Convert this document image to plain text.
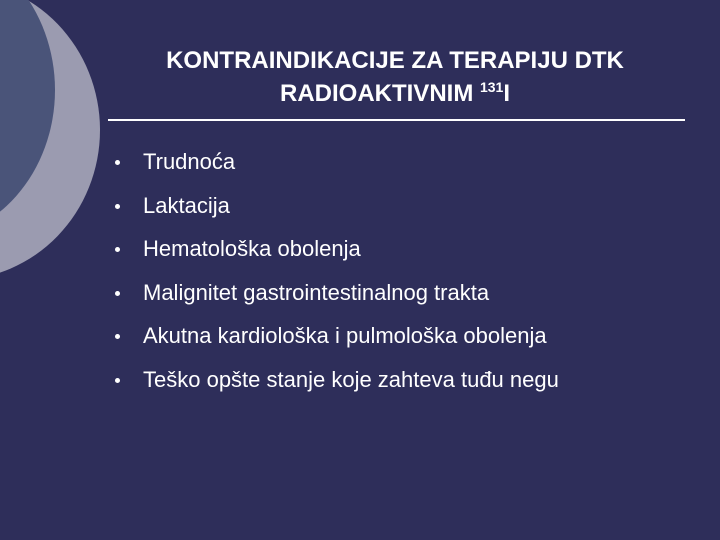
KONTRAINDIKACIJE ZA TERAPIJU DTK
RADIOAKTIVNIM $^{131}$I
Trudnoća
Laktacija
Hematološka obolenja
Malignitet gastrointestinalnog trakta
Akutna kardiološka i pulmološka obolenja
Teško opšte stanje koje zahteva tuđu negu
